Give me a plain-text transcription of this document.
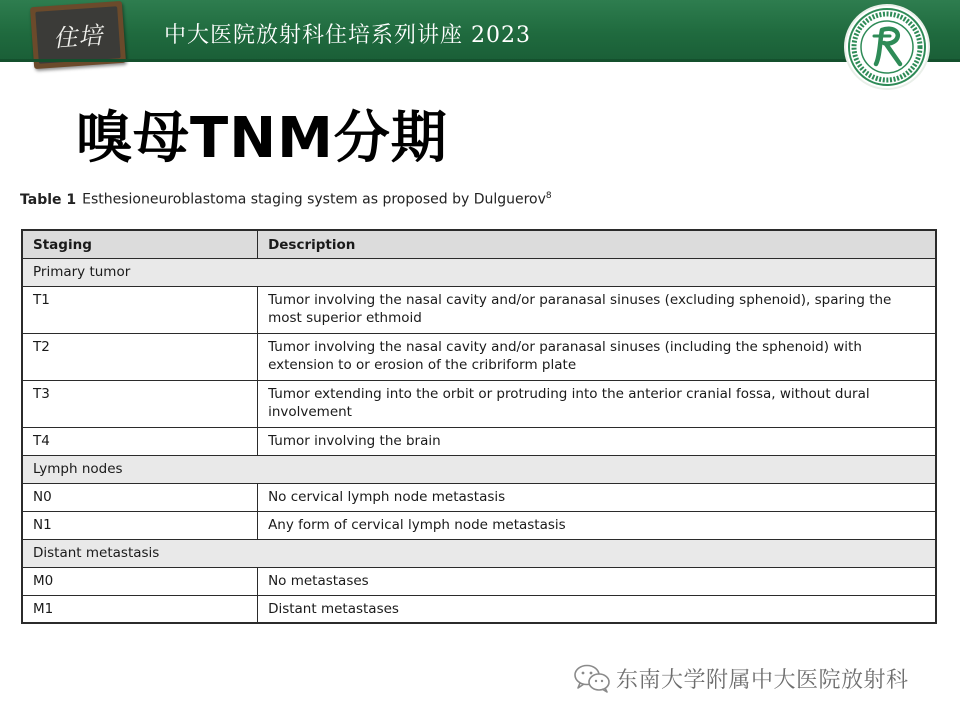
住培	中大医院放射科住培系列讲座 2023
嗅母TNM分期
Table 1 Esthesioneuroblastoma staging system as proposed by Dulguerov$^8$
Staging	Description
Primary tumor	
T1	Tumor involving the nasal cavity and/or paranasal sinuses (excluding sphenoid), sparing the
most superior ethmoid

T2	Tumor involving the nasal cavity and/or paranasal sinuses (including the sphenoid) with
extension to or erosion of the cribriform plate

T3	Tumor extending into the orbit or protruding into the anterior cranial fossa, without dural
involvement

T4	Tumor involving the brain

Lymph nodes	
N0	No cervical lymph node metastasis

N1	Any form of cervical lymph node metastasis

Distant metastasis	
M0	No metastases

M1	Distant metastases
东南大学附属中大医院放射科
